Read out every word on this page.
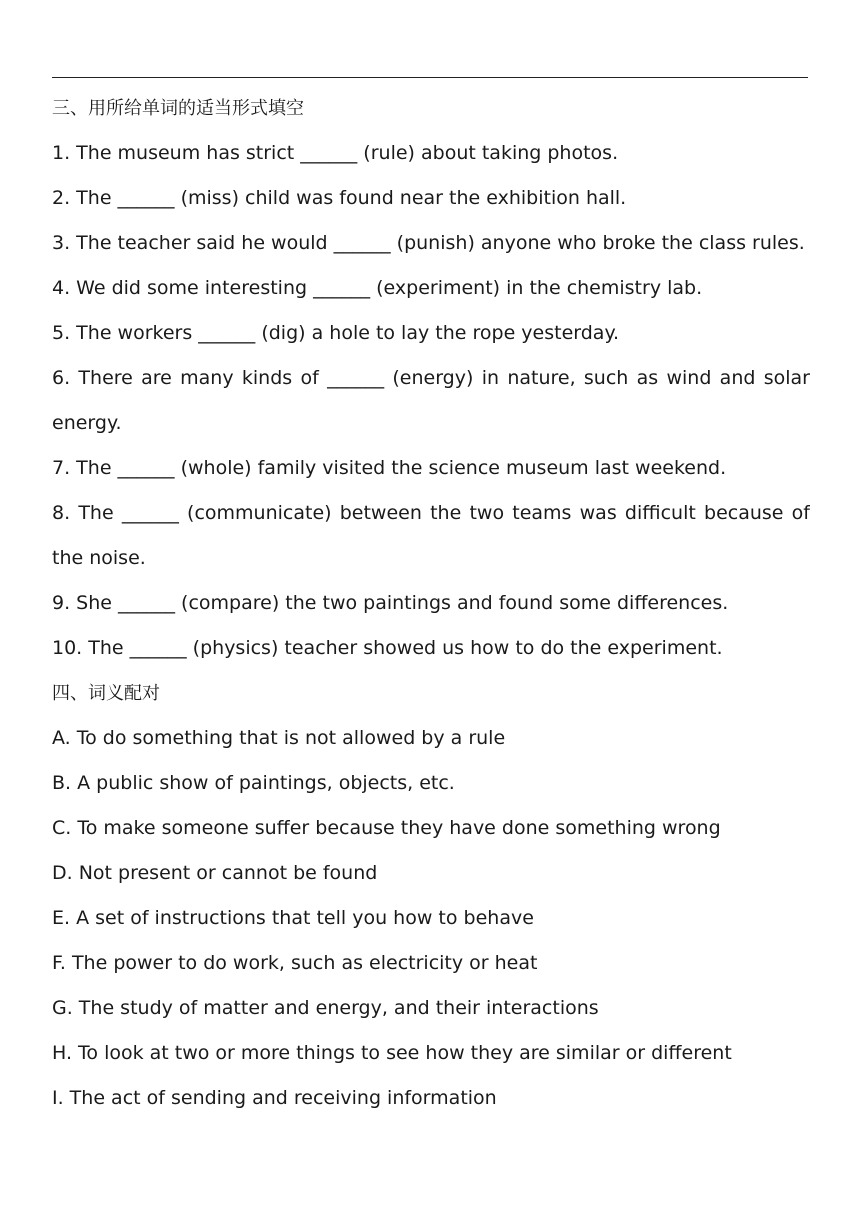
三、用所给单词的适当形式填空
1. The museum has strict ______ (rule) about taking photos.
2. The ______ (miss) child was found near the exhibition hall.
3. The teacher said he would ______ (punish) anyone who broke the class rules.
4. We did some interesting ______ (experiment) in the chemistry lab.
5. The workers ______ (dig) a hole to lay the rope yesterday.
6. There are many kinds of ______ (energy) in nature, such as wind and solar
energy.
7. The ______ (whole) family visited the science museum last weekend.
8. The ______ (communicate) between the two teams was difficult because of
the noise.
9. She ______ (compare) the two paintings and found some differences.
10. The ______ (physics) teacher showed us how to do the experiment.
四、词义配对
A. To do something that is not allowed by a rule
B. A public show of paintings, objects, etc.
C. To make someone suffer because they have done something wrong
D. Not present or cannot be found
E. A set of instructions that tell you how to behave
F. The power to do work, such as electricity or heat
G. The study of matter and energy, and their interactions
H. To look at two or more things to see how they are similar or different
I. The act of sending and receiving information
